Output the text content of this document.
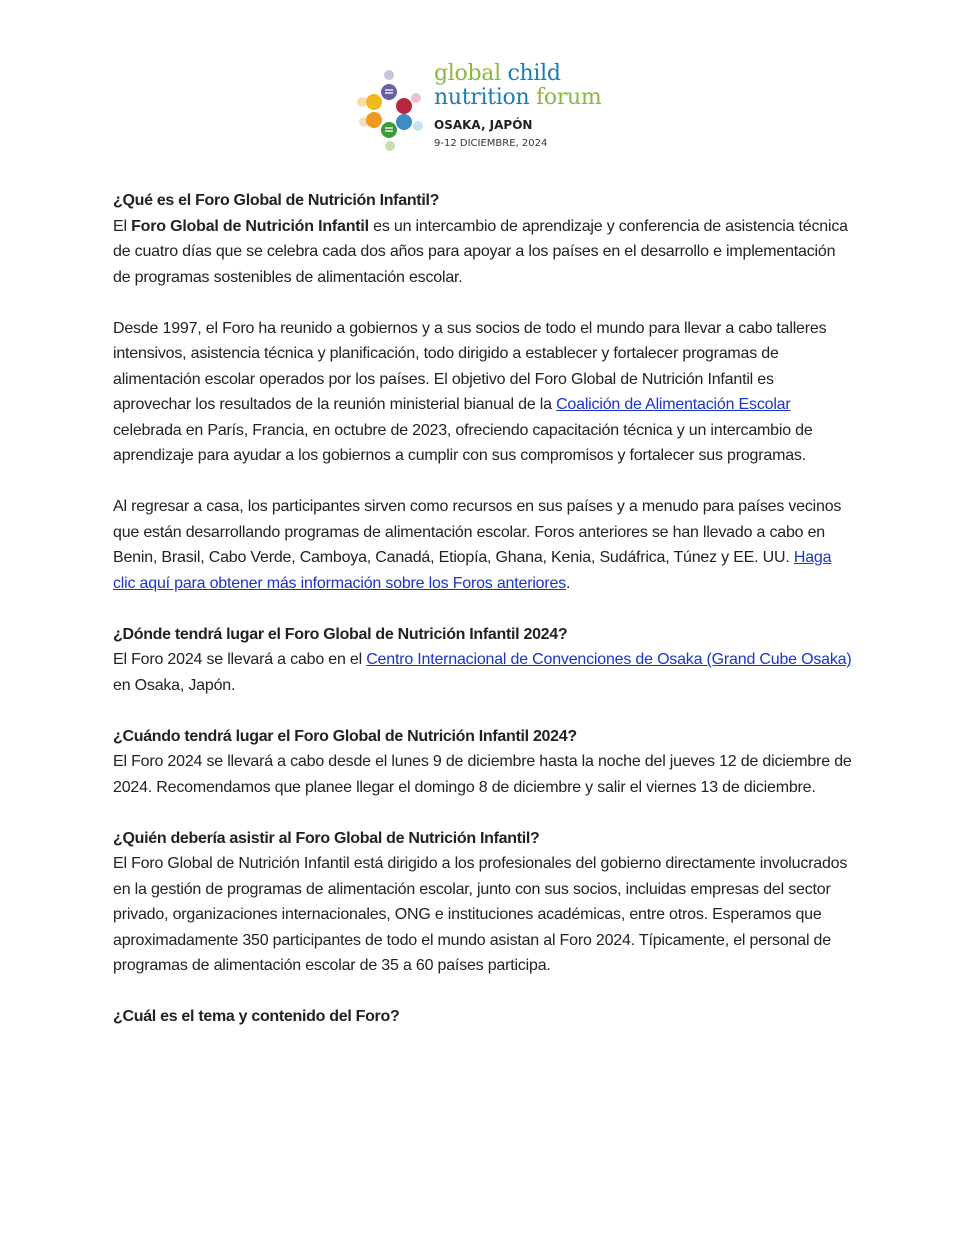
global child
nutrition forum
OSAKA, JAPÓN
9-12 DICIEMBRE, 2024
¿Qué es el Foro Global de Nutrición Infantil?

El Foro Global de Nutrición Infantil es un intercambio de aprendizaje y conferencia de asistencia técnica de cuatro días que se celebra cada dos años para apoyar a los países en el desarrollo e implementación de programas sostenibles de alimentación escolar.

Desde 1997, el Foro ha reunido a gobiernos y a sus socios de todo el mundo para llevar a cabo talleres intensivos, asistencia técnica y planificación, todo dirigido a establecer y fortalecer programas de alimentación escolar operados por los países. El objetivo del Foro Global de Nutrición Infantil es aprovechar los resultados de la reunión ministerial bianual de la Coalición de Alimentación Escolar celebrada en París, Francia, en octubre de 2023, ofreciendo capacitación técnica y un intercambio de aprendizaje para ayudar a los gobiernos a cumplir con sus compromisos y fortalecer sus programas.

Al regresar a casa, los participantes sirven como recursos en sus países y a menudo para países vecinos que están desarrollando programas de alimentación escolar. Foros anteriores se han llevado a cabo en Benin, Brasil, Cabo Verde, Camboya, Canadá, Etiopía, Ghana, Kenia, Sudáfrica, Túnez y EE. UU. Haga clic aquí para obtener más información sobre los Foros anteriores.

¿Dónde tendrá lugar el Foro Global de Nutrición Infantil 2024?

El Foro 2024 se llevará a cabo en el Centro Internacional de Convenciones de Osaka (Grand Cube Osaka) en Osaka, Japón.

¿Cuándo tendrá lugar el Foro Global de Nutrición Infantil 2024?

El Foro 2024 se llevará a cabo desde el lunes 9 de diciembre hasta la noche del jueves 12 de diciembre de 2024. Recomendamos que planee llegar el domingo 8 de diciembre y salir el viernes 13 de diciembre.

¿Quién debería asistir al Foro Global de Nutrición Infantil?

El Foro Global de Nutrición Infantil está dirigido a los profesionales del gobierno directamente involucrados en la gestión de programas de alimentación escolar, junto con sus socios, incluidas empresas del sector privado, organizaciones internacionales, ONG e instituciones académicas, entre otros. Esperamos que aproximadamente 350 participantes de todo el mundo asistan al Foro 2024. Típicamente, el personal de programas de alimentación escolar de 35 a 60 países participa.

¿Cuál es el tema y contenido del Foro?
